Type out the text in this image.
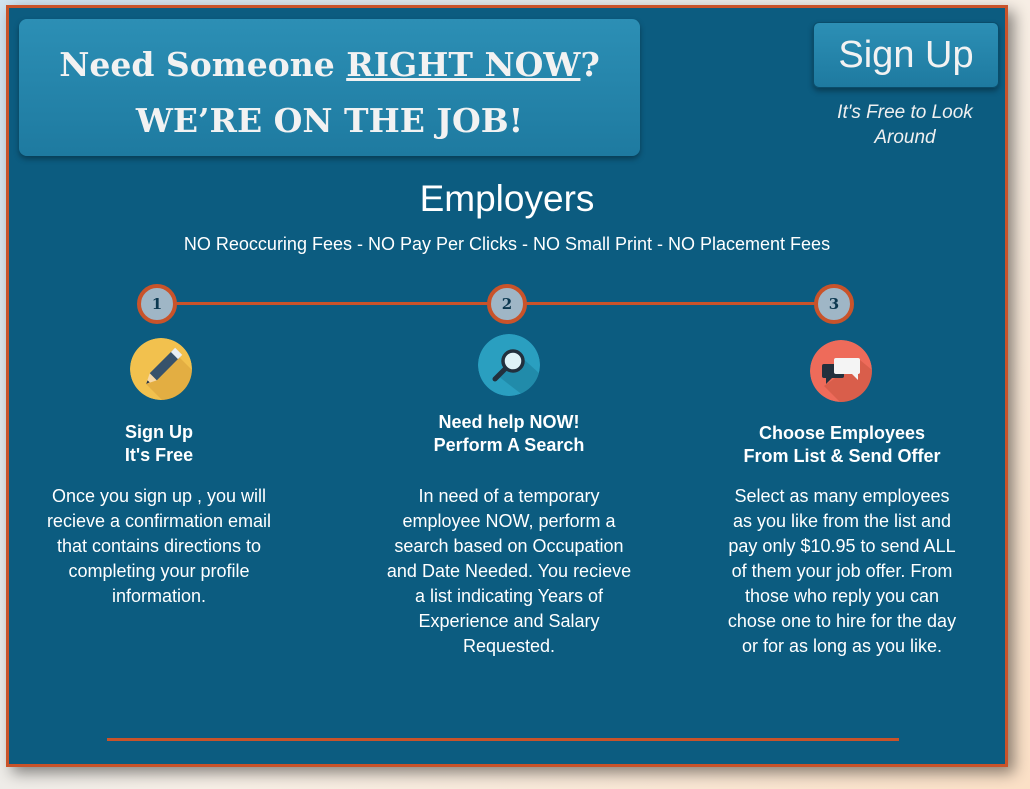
Need Someone RIGHT NOW?
WE’RE ON THE JOB!
Sign Up
It's Free to Look
Around
Employers
NO Reoccuring Fees - NO Pay Per Clicks - NO Small Print - NO Placement Fees
1
Sign Up
It's Free
Once you sign up , you will
recieve a confirmation email
that contains directions to
completing your profile
information.
2
Need help NOW!
Perform A Search
In need of a temporary
employee NOW, perform a
search based on Occupation
and Date Needed. You recieve
a list indicating Years of
Experience and Salary
Requested.
3
Choose Employees
From List & Send Offer
Select as many employees
as you like from the list and
pay only $10.95 to send ALL
of them your job offer. From
those who reply you can
chose one to hire for the day
or for as long as you like.
